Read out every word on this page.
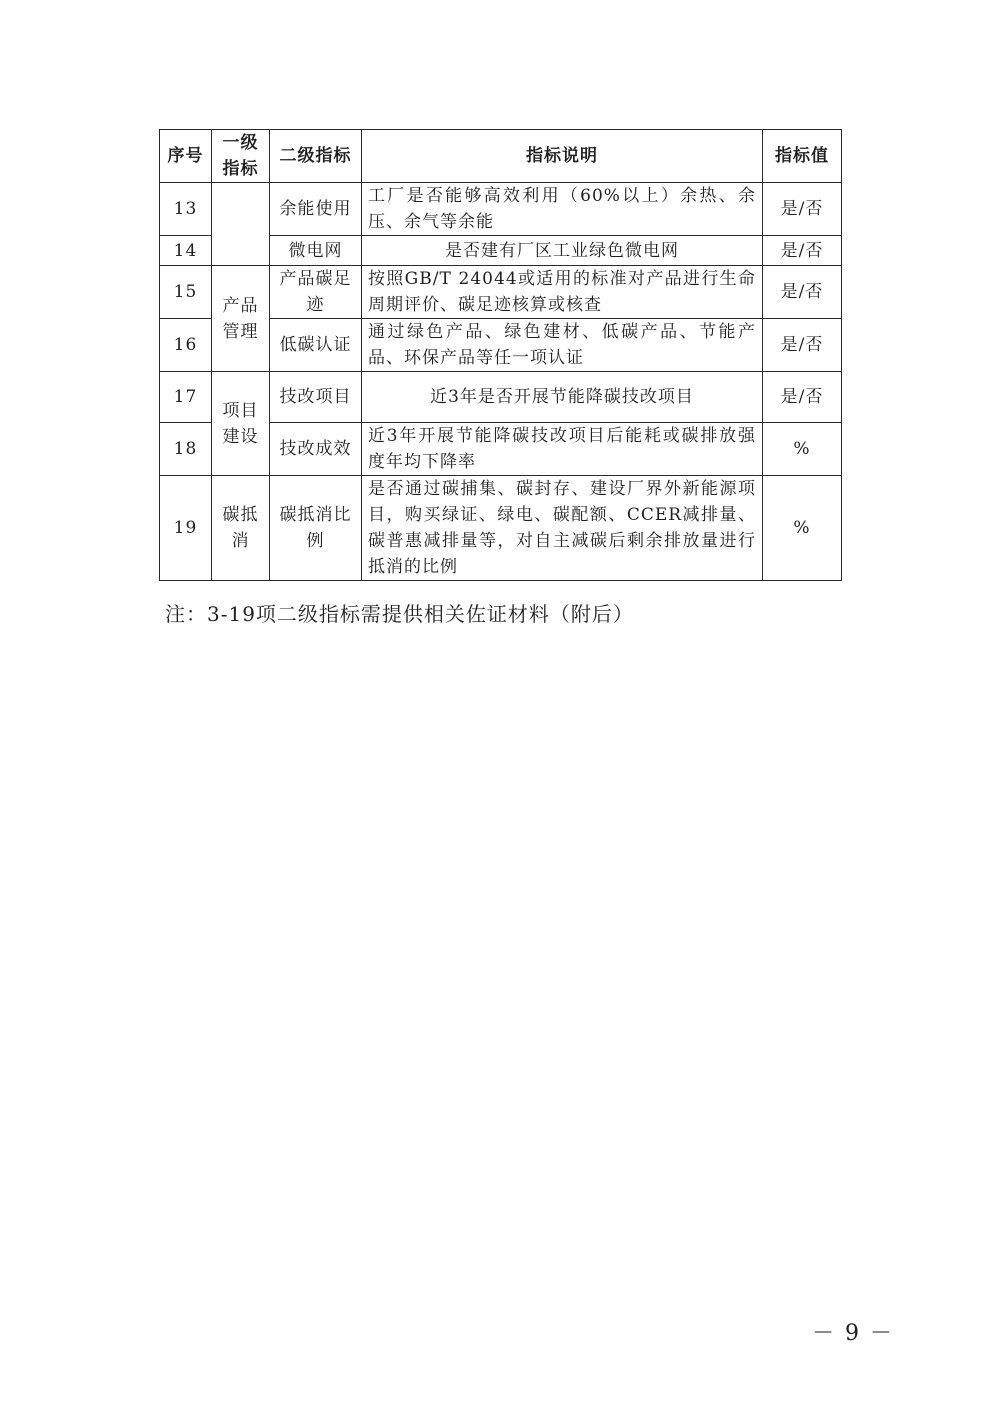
序号	一级指标	二级指标	指标说明	指标值
13		余能使用	工厂是否能够高效利用（60%以上）余热、余压、余气等余能	是/否
14		微电网	是否建有厂区工业绿色微电网	是/否
15	产品管理	产品碳足迹	按照GB/T 24044或适用的标准对产品进行生命周期评价、碳足迹核算或核查	是/否
16		低碳认证	通过绿色产品、绿色建材、低碳产品、节能产品、环保产品等任一项认证	是/否
17	项目建设	技改项目	近3年是否开展节能降碳技改项目	是/否
18		技改成效	近3年开展节能降碳技改项目后能耗或碳排放强度年均下降率	%
19	碳抵消	碳抵消比例	是否通过碳捕集、碳封存、建设厂界外新能源项目，购买绿证、绿电、碳配额、CCER减排量、碳普惠减排量等，对自主减碳后剩余排放量进行抵消的比例	%
注：3-19项二级指标需提供相关佐证材料（附后）
－ 9 －
